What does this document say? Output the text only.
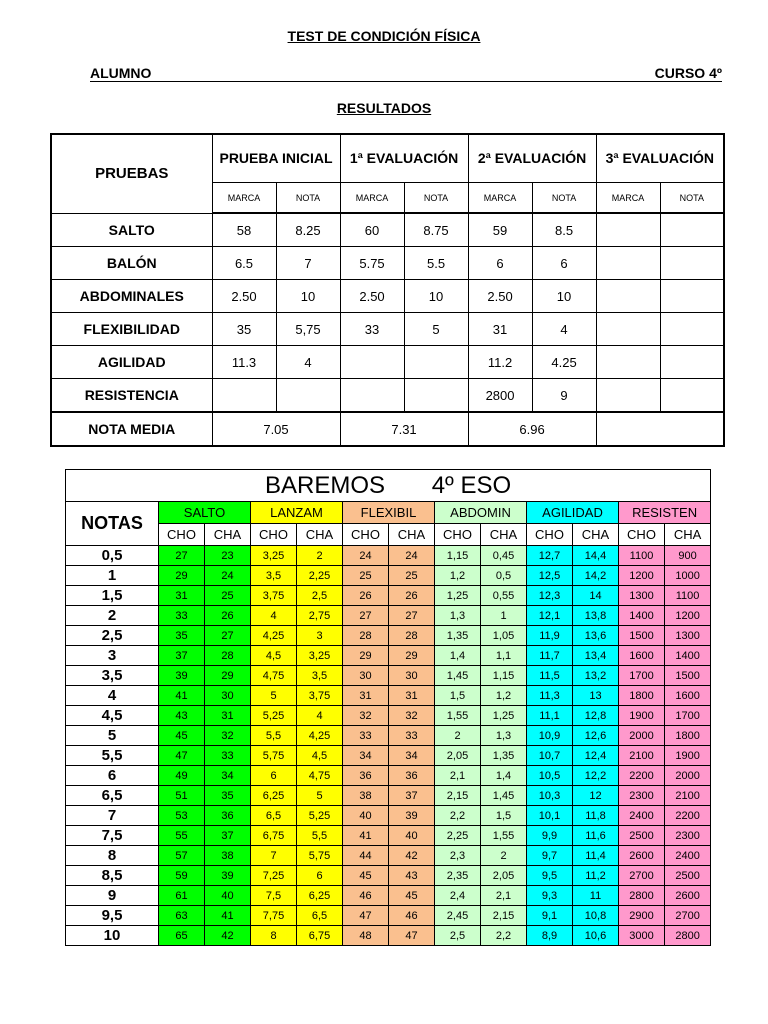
TEST DE CONDICIÓN FÍSICA
ALUMNO	CURSO 4º
RESULTADOS
PRUEBAS	PRUEBA INICIAL		1ª EVALUACIÓN		2ª EVALUACIÓN		3ª EVALUACIÓN	
	MARCA	NOTA	MARCA	NOTA	MARCA	NOTA	MARCA	NOTA
SALTO	58	8.25	60	8.75	59	8.5		
BALÓN	6.5	7	5.75	5.5	6	6		
ABDOMINALES	2.50	10	2.50	10	2.50	10		
FLEXIBILIDAD	35	5,75	33	5	31	4		
AGILIDAD	11.3	4			11.2	4.25		
RESISTENCIA					2800	9		
NOTA MEDIA	7.05		7.31		6.96			
BAREMOS       4º ESO												
NOTAS	SALTO		LANZAM		FLEXIBIL		ABDOMIN		AGILIDAD		RESISTEN	
	CHO	CHA	CHO	CHA	CHO	CHA	CHO	CHA	CHO	CHA	CHO	CHA
0,5	27	23	3,25	2	24	24	1,15	0,45	12,7	14,4	1100	900
1	29	24	3,5	2,25	25	25	1,2	0,5	12,5	14,2	1200	1000
1,5	31	25	3,75	2,5	26	26	1,25	0,55	12,3	14	1300	1100
2	33	26	4	2,75	27	27	1,3	1	12,1	13,8	1400	1200
2,5	35	27	4,25	3	28	28	1,35	1,05	11,9	13,6	1500	1300
3	37	28	4,5	3,25	29	29	1,4	1,1	11,7	13,4	1600	1400
3,5	39	29	4,75	3,5	30	30	1,45	1,15	11,5	13,2	1700	1500
4	41	30	5	3,75	31	31	1,5	1,2	11,3	13	1800	1600
4,5	43	31	5,25	4	32	32	1,55	1,25	11,1	12,8	1900	1700
5	45	32	5,5	4,25	33	33	2	1,3	10,9	12,6	2000	1800
5,5	47	33	5,75	4,5	34	34	2,05	1,35	10,7	12,4	2100	1900
6	49	34	6	4,75	36	36	2,1	1,4	10,5	12,2	2200	2000
6,5	51	35	6,25	5	38	37	2,15	1,45	10,3	12	2300	2100
7	53	36	6,5	5,25	40	39	2,2	1,5	10,1	11,8	2400	2200
7,5	55	37	6,75	5,5	41	40	2,25	1,55	9,9	11,6	2500	2300
8	57	38	7	5,75	44	42	2,3	2	9,7	11,4	2600	2400
8,5	59	39	7,25	6	45	43	2,35	2,05	9,5	11,2	2700	2500
9	61	40	7,5	6,25	46	45	2,4	2,1	9,3	11	2800	2600
9,5	63	41	7,75	6,5	47	46	2,45	2,15	9,1	10,8	2900	2700
10	65	42	8	6,75	48	47	2,5	2,2	8,9	10,6	3000	2800
